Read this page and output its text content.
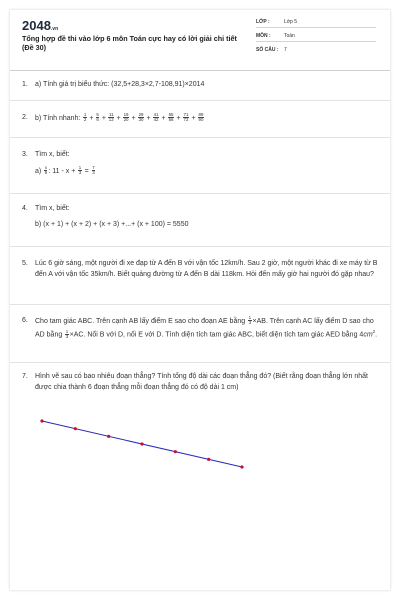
2048.vn
Tổng hợp đề thi vào lớp 6 môn Toán cực hay có lời giải chi tiết (Đề 30)
LỚP :	Lớp 5
MÔN :	Toán
SỐ CÂU : 7
1.	a) Tính giá trị biểu thức: (32,5+28,3×2,7-108,91)×2014
2.	b) Tính nhanh: $\frac{1}{2} + \frac{5}{6} + \frac{11}{12} + \frac{19}{20} + \frac{29}{30} + \frac{41}{42} + \frac{55}{56} + \frac{71}{72} + \frac{89}{90}$
3.	Tìm x, biết:
$a) \frac{x}{9}$ : $11 - x + \frac{1}{3} = \frac{7}{3}$
4.	Tìm x, biết:
b) (x + 1) + (x + 2) + (x + 3) +...+ (x + 100) = 5550
5.	Lúc 6 giờ sáng, một người đi xe đạp từ A đến B với vận tốc 12km/h. Sau 2 giờ, một người khác đi xe máy từ B đến A với vận tốc 35km/h. Biết quảng đường từ A đến B dài 118km. Hỏi đến mấy giờ hai người đó gặp nhau?
6.	Cho tam giác ABC. Trên cạnh AB lấy điểm E sao cho đoạn AE bằng $\frac{1}{3} \times AB$. Trên cạnh AC lấy điểm D sao cho AD bằng $\frac{1}{3} \times AC$. Nối B với D, nối E với D. Tính diện tích tam giác ABC, biết diện tích tam giác AED bằng $4cm^2$.
7.	Hình vẽ sau có bao nhiêu đoạn thẳng? Tính tổng độ dài các đoạn thẳng đó? (Biết rằng đoạn thẳng lớn nhất được chia thành 6 đoạn thẳng mỗi đoạn thẳng đó có độ dài 1 cm)
